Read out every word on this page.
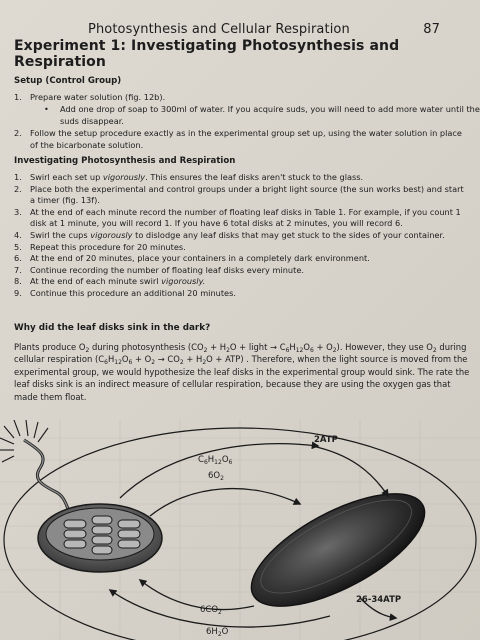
Photosynthesis and Cellular Respiration	87
Experiment 1: Investigating Photosynthesis and Respiration
Setup (Control Group)
1. Prepare water solution (fig. 12b).
• Add one drop of soap to 300ml of water. If you acquire suds, you will need to add more water until the suds disappear.
2. Follow the setup procedure exactly as in the experimental group set up, using the water solution in place of the bicarbonate solution.
Investigating Photosynthesis and Respiration
1. Swirl each set up vigorously. This ensures the leaf disks aren't stuck to the glass.
2. Place both the experimental and control groups under a bright light source (the sun works best) and start a timer (fig. 13f).
3. At the end of each minute record the number of floating leaf disks in Table 1. For example, if you count 1 disk at 1 minute, you will record 1. If you have 6 total disks at 2 minutes, you will record 6.
4. Swirl the cups vigorously to dislodge any leaf disks that may get stuck to the sides of your container.
5. Repeat this procedure for 20 minutes.
6. At the end of 20 minutes, place your containers in a completely dark environment.
7. Continue recording the number of floating leaf disks every minute.
8. At the end of each minute swirl vigorously.
9. Continue this procedure an additional 20 minutes.
Why did the leaf disks sink in the dark?
Plants produce $O_2$ during photosynthesis ($CO_2 + H_2O$ + light → $C_6H_{12}O_6 + O_2$). However, they use $O_2$ during cellular respiration $(C_6H_{12}O_6 + O_2 \to CO_2 + H_2O + ATP)$ . Therefore, when the light source is moved from the experimental group, we would hypothesize the leaf disks in the experimental group would sink. The rate the leaf disks sink is an indirect measure of cellular respiration, because they are using the oxygen gas that made them float.
2ATP
$C_6H_{12}O_6$
$6O_2$
26-34ATP
$6CO_2$
$6H_2O$
